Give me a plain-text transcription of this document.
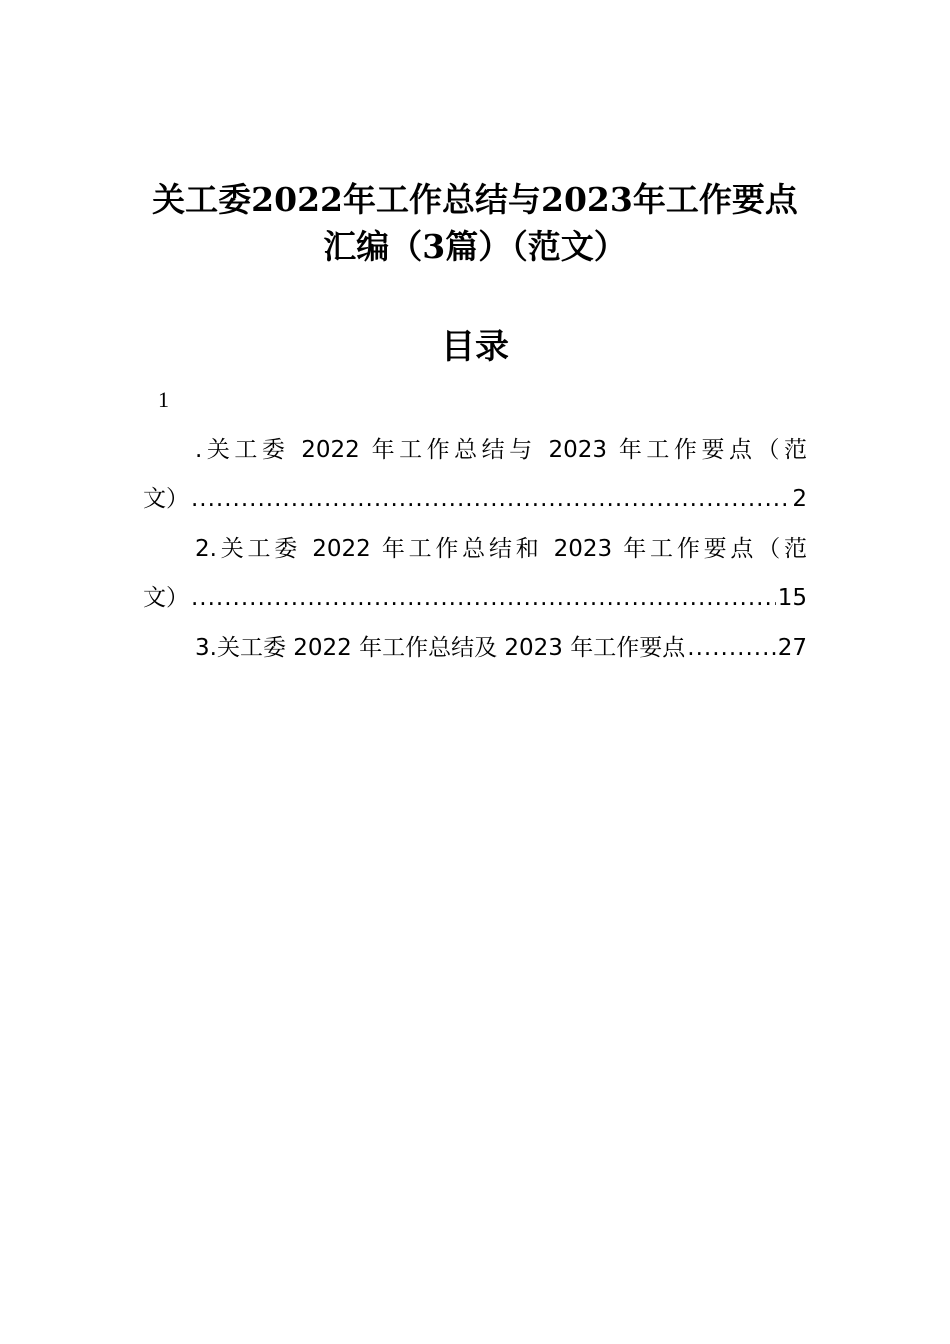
关工委2022年工作总结与2023年工作要点
汇编（3篇）（范文）
目录
1
.关工委 2022 年工作总结与 2023 年工作要点（范
文） .....	2
2.关工委 2022 年工作总结和 2023 年工作要点（范
文） .....	15
3.关工委 2022 年工作总结及 2023 年工作要点 .....	27
